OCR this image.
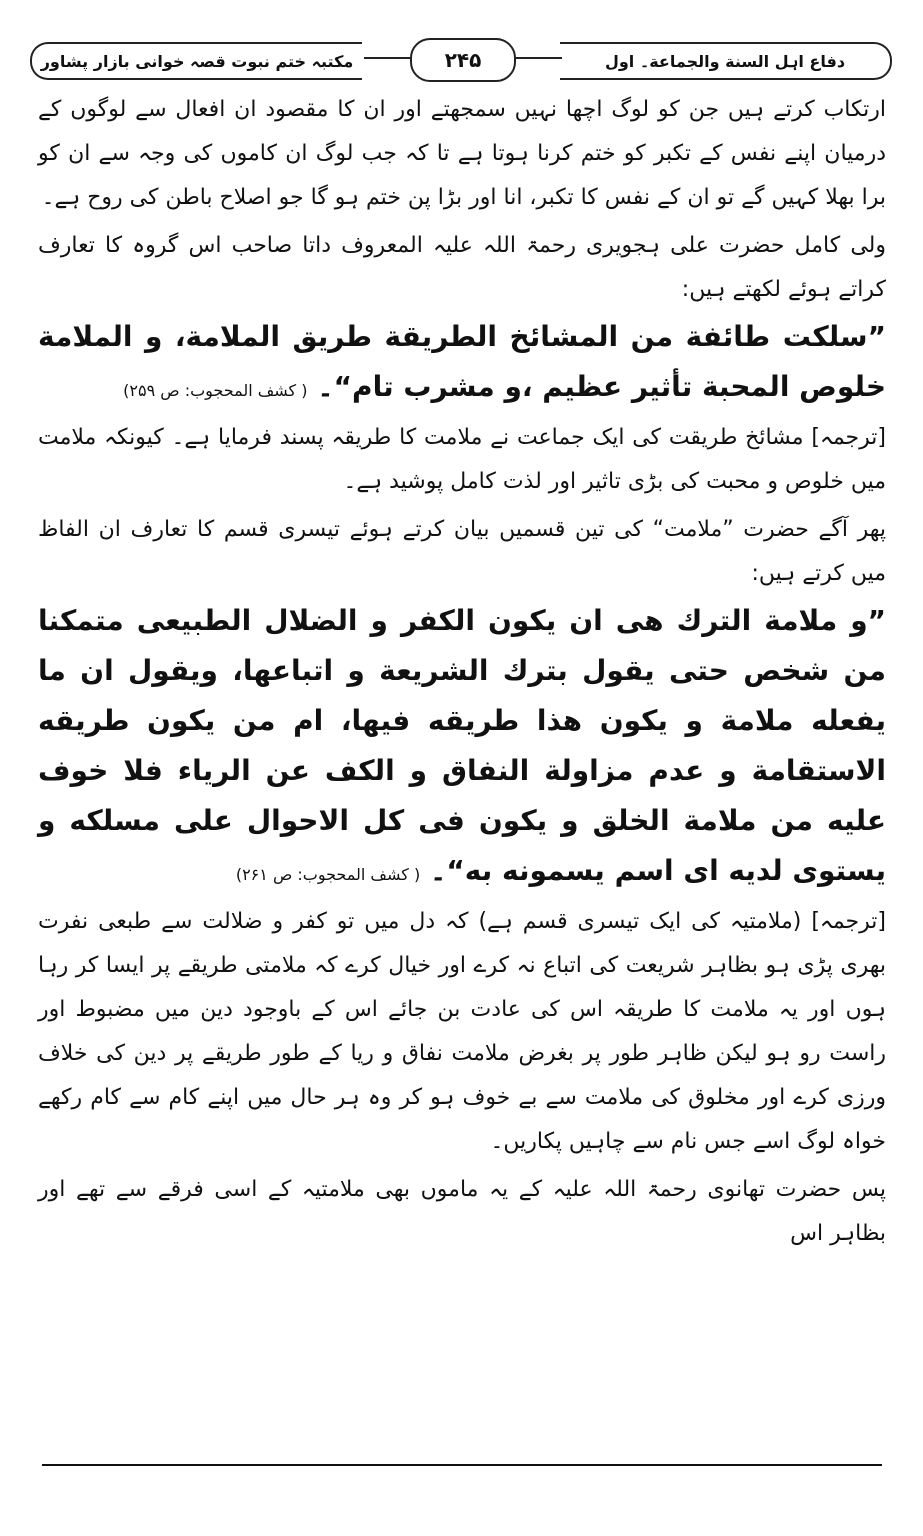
مکتبہ ختم نبوت قصہ خوانی بازار پشاور	۲۴۵	دفاع اہل السنة والجماعة۔ اول

ارتکاب کرتے ہیں جن کو لوگ اچھا نہیں سمجھتے اور ان کا مقصود ان افعال سے لوگوں کے درمیان اپنے نفس کے تکبر کو ختم کرنا ہوتا ہے تا کہ جب لوگ ان کاموں کی وجہ سے ان کو برا بھلا کہیں گے تو ان کے نفس کا تکبر، انا اور بڑا پن ختم ہو گا جو اصلاح باطن کی روح ہے۔

ولی کامل حضرت علی ہجویری رحمۃ اللہ علیہ المعروف داتا صاحب اس گروہ کا تعارف کراتے ہوئے لکھتے ہیں:

”سلکت طائفة من المشائخ الطريقة طريق الملامة، و الملامة خلوص المحبة تأثير عظيم ،و مشرب تام“۔ ( کشف المحجوب: ص ۲۵۹)

[ترجمہ] مشائخ طریقت کی ایک جماعت نے ملامت کا طریقہ پسند فرمایا ہے۔ کیونکہ ملامت میں خلوص و محبت کی بڑی تاثیر اور لذت کامل پوشید ہے۔

پھر آگے حضرت ”ملامت“ کی تین قسمیں بیان کرتے ہوئے تیسری قسم کا تعارف ان الفاظ میں کرتے ہیں:

”و ملامة الترك هی ان يكون الكفر و الضلال الطبيعی متمكنا من شخص حتى يقول بترك الشريعة و اتباعها، ويقول ان ما يفعله ملامة و يكون هذا طريقه فيها، ام من يكون طريقه الاستقامة و عدم مزاولة النفاق و الكف عن الرياء فلا خوف عليه من ملامة الخلق و يكون فى كل الاحوال على مسلكه و يستوى لديه اى اسم يسمونه به“۔ ( کشف المحجوب: ص ۲۶۱)

[ترجمہ] (ملامتیہ کی ایک تیسری قسم ہے) کہ دل میں تو کفر و ضلالت سے طبعی نفرت بھری پڑی ہو بظاہر شریعت کی اتباع نہ کرے اور خیال کرے کہ ملامتی طریقے پر ایسا کر رہا ہوں اور یہ ملامت کا طریقہ اس کی عادت بن جائے اس کے باوجود دین میں مضبوط اور راست رو ہو لیکن ظاہر طور پر بغرض ملامت نفاق و ریا کے طور طریقے پر دین کی خلاف ورزی کرے اور مخلوق کی ملامت سے بے خوف ہو کر وہ ہر حال میں اپنے کام سے کام رکھے خواہ لوگ اسے جس نام سے چاہیں پکاریں۔

پس حضرت تھانوی رحمۃ اللہ علیہ کے یہ ماموں بھی ملامتیہ کے اسی فرقے سے تھے اور بظاہر اس
